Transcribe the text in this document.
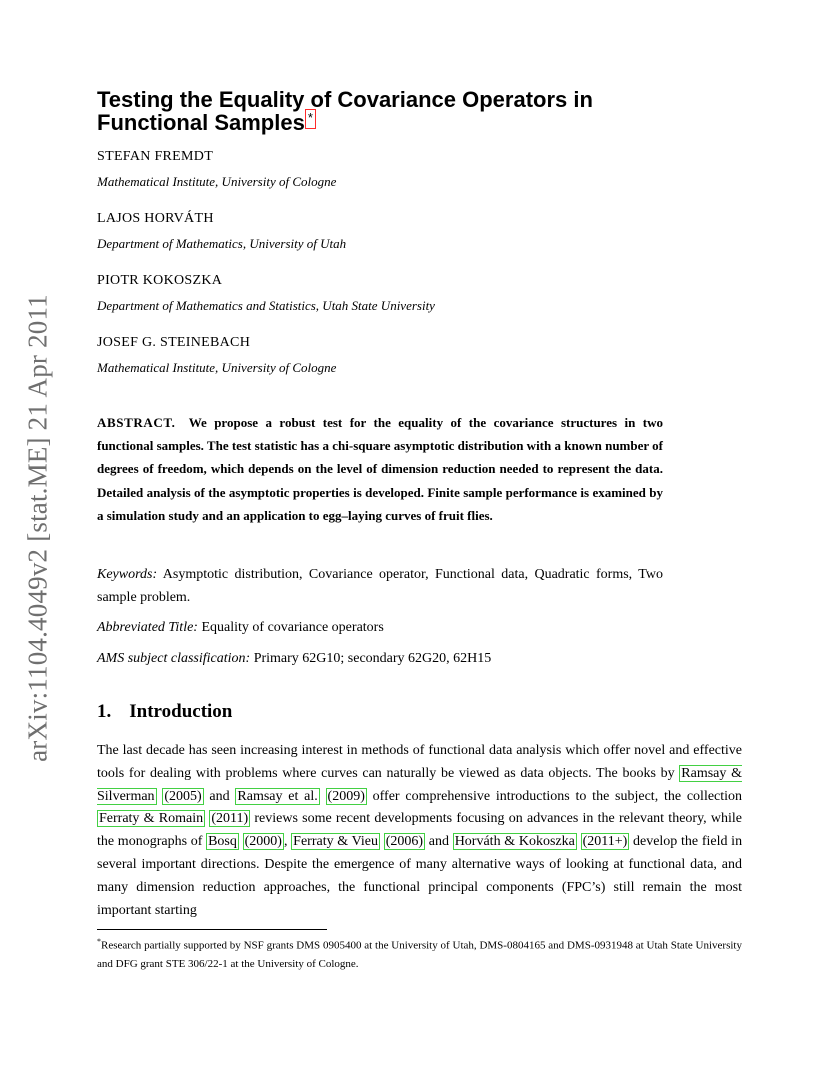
arXiv:1104.4049v2 [stat.ME] 21 Apr 2011
Testing the Equality of Covariance Operators in
Functional Samples *
STEFAN FREMDT
Mathematical Institute, University of Cologne
LAJOS HORVÁTH
Department of Mathematics, University of Utah
PIOTR KOKOSZKA
Department of Mathematics and Statistics, Utah State University
JOSEF G. STEINEBACH
Mathematical Institute, University of Cologne

ABSTRACT. We propose a robust test for the equality of the covariance structures in two functional samples. The test statistic has a chi-square asymptotic distribution with a known number of degrees of freedom, which depends on the level of dimension reduction needed to represent the data. Detailed analysis of the asymptotic properties is developed. Finite sample performance is examined by a simulation study and an application to egg–laying curves of fruit flies.

Keywords: Asymptotic distribution, Covariance operator, Functional data, Quadratic forms, Two sample problem.

Abbreviated Title: Equality of covariance operators

AMS subject classification: Primary 62G10; secondary 62G20, 62H15

1. Introduction

The last decade has seen increasing interest in methods of functional data analysis which offer novel and effective tools for dealing with problems where curves can naturally be viewed as data objects. The books by Ramsay & Silverman (2005) and Ramsay et al. (2009) offer comprehensive introductions to the subject, the collection Ferraty & Romain (2011) reviews some recent developments focusing on advances in the relevant theory, while the monographs of Bosq (2000) , Ferraty & Vieu (2006) and Horváth & Kokoszka (2011+) develop the field in several important directions. Despite the emergence of many alternative ways of looking at functional data, and many dimension reduction approaches, the functional principal components (FPC’s) still remain the most important starting

*Research partially supported by NSF grants DMS 0905400 at the University of Utah, DMS-0804165 and DMS-0931948 at Utah State University and DFG grant STE 306/22-1 at the University of Cologne.
